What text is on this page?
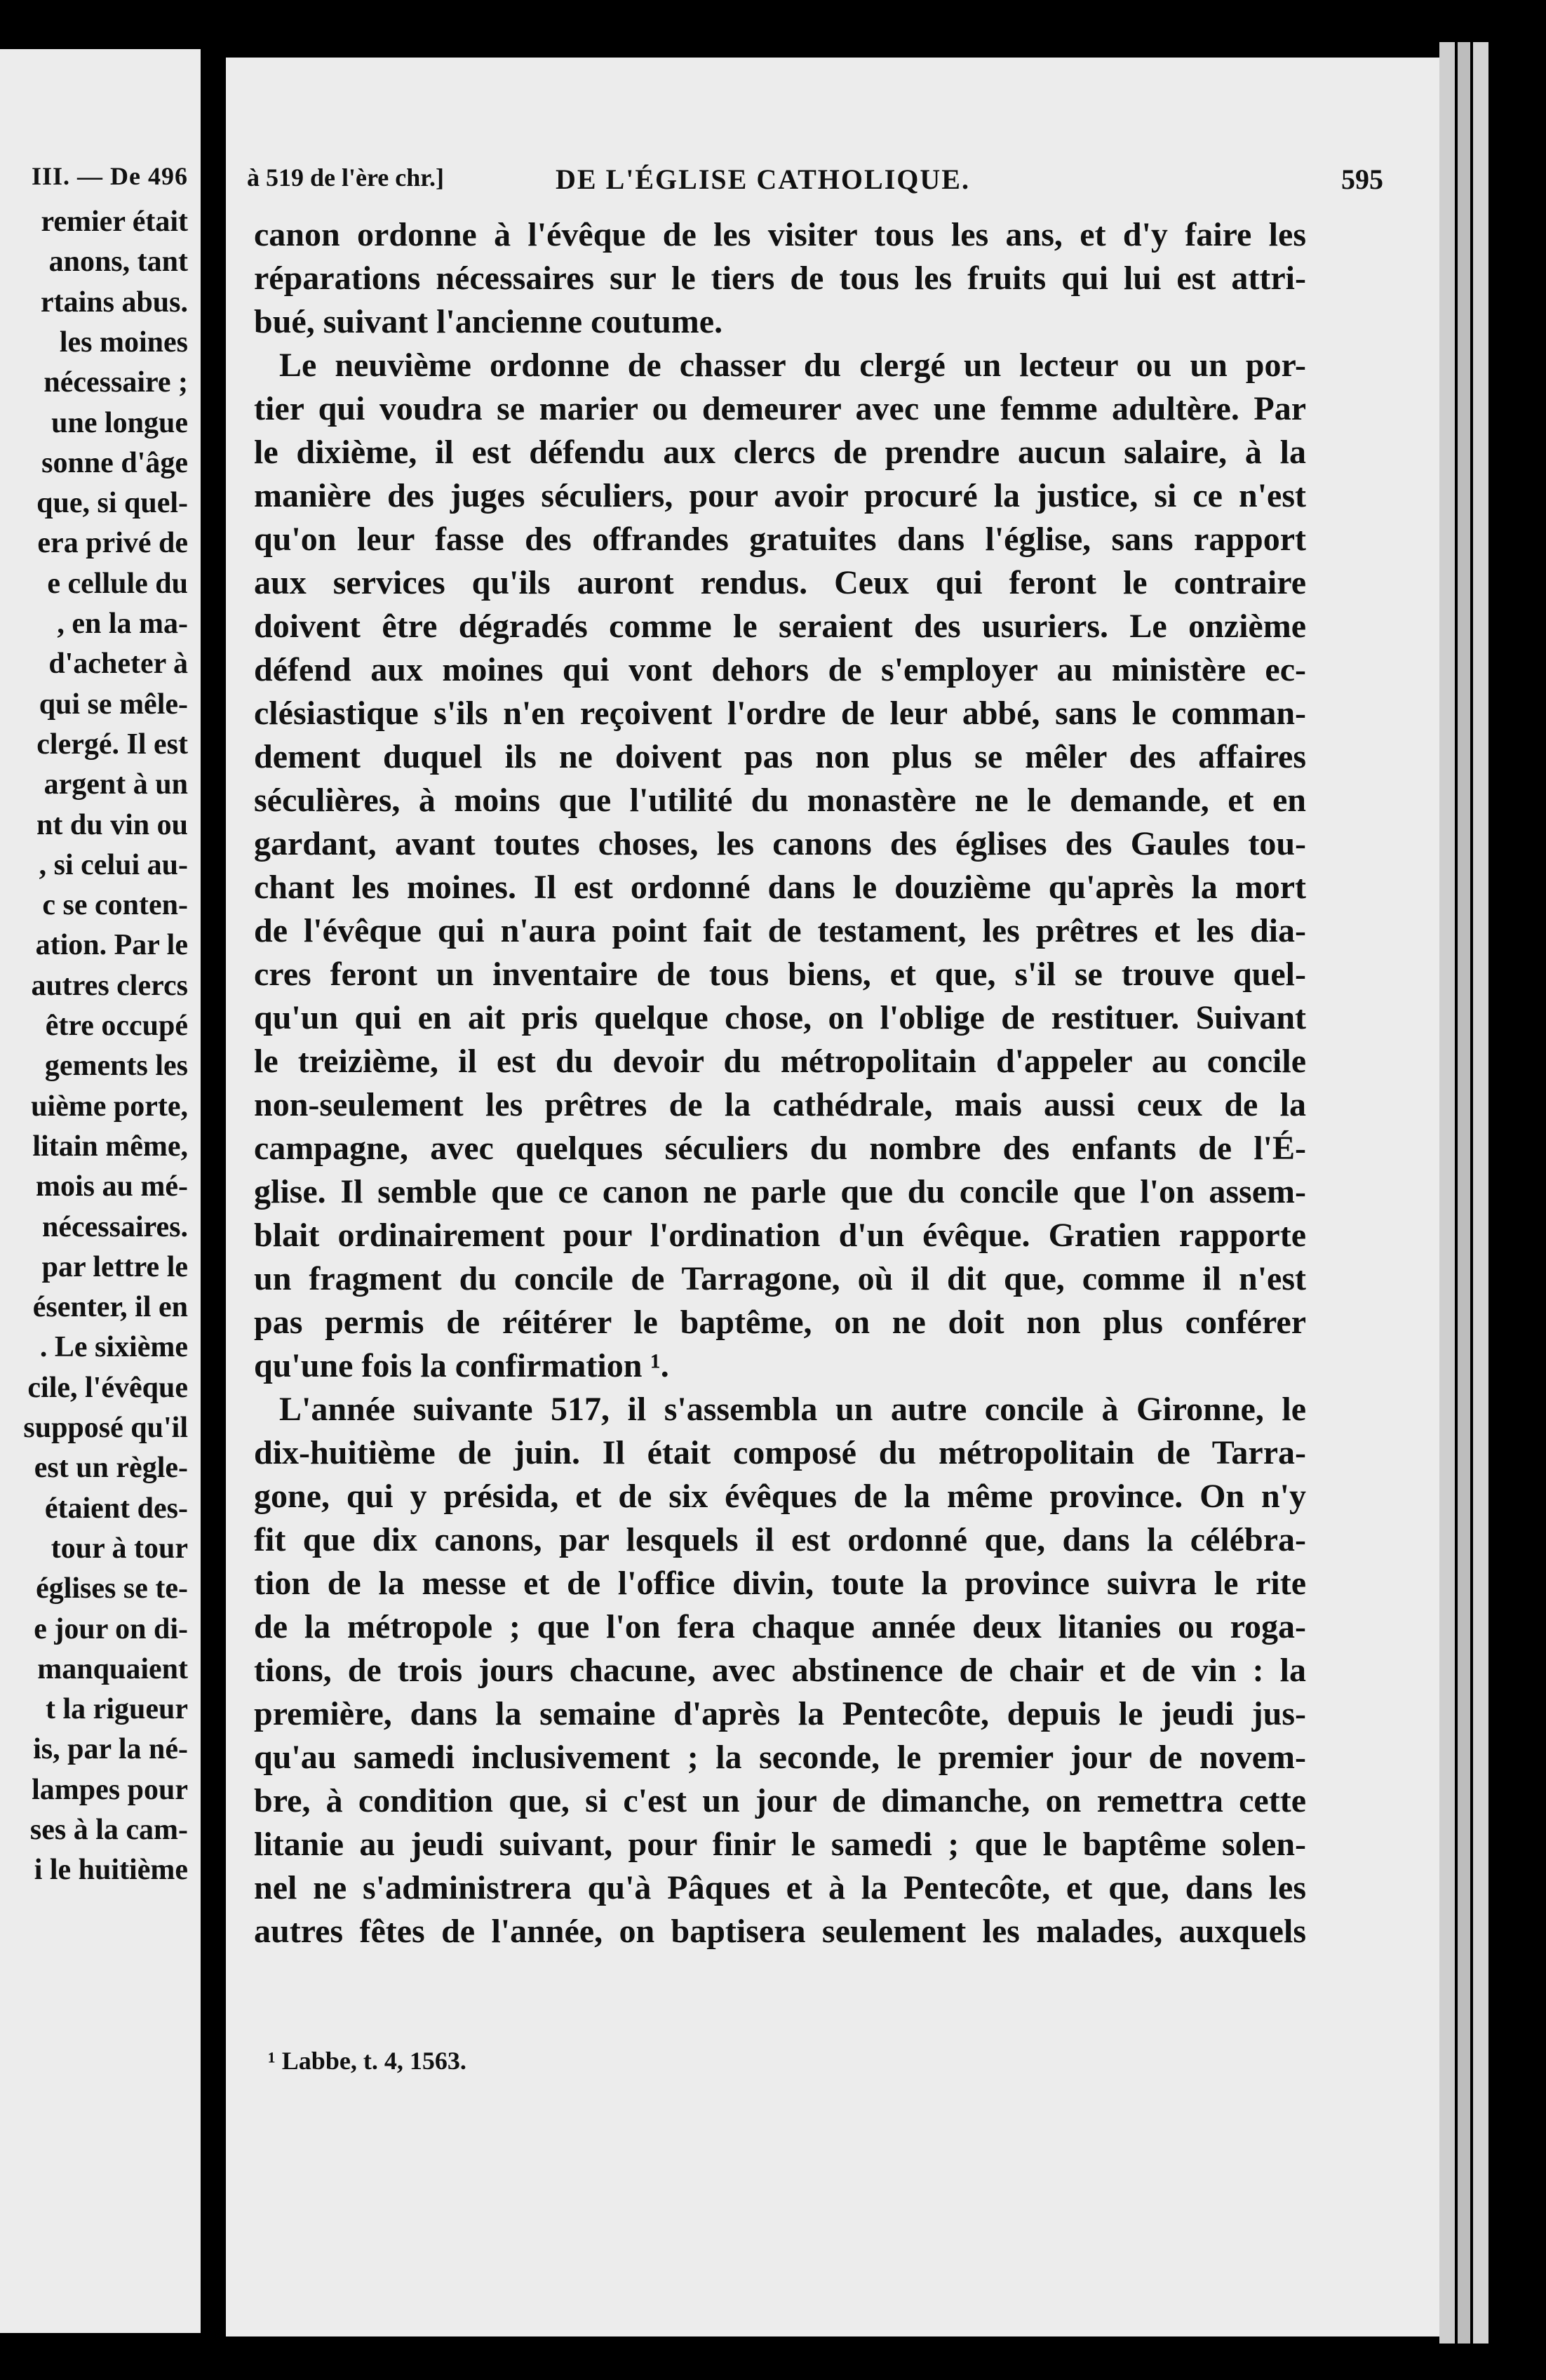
III. — De 496
remier était
anons, tant
rtains abus.
les moines
nécessaire ;
une longue
sonne d'âge
que, si quel-
era privé de
e cellule du
, en la ma-
d'acheter à
qui se mêle-
clergé. Il est
argent à un
nt du vin ou
, si celui au-
c se conten-
ation. Par le
autres clercs
être occupé
gements les
uième porte,
litain même,
mois au mé-
nécessaires.
par lettre le
ésenter, il en
. Le sixième
cile, l'évêque
supposé qu'il
est un règle-
étaient des-
tour à tour
églises se te-
e jour on di-
manquaient
t la rigueur
is, par la né-
lampes pour
ses à la cam-
i le huitième
à 519 de l'ère chr.]	DE L'ÉGLISE CATHOLIQUE.	595
canon ordonne à l'évêque de les visiter tous les ans, et d'y faire les
réparations nécessaires sur le tiers de tous les fruits qui lui est attri-
bué, suivant l'ancienne coutume.
Le neuvième ordonne de chasser du clergé un lecteur ou un por-
tier qui voudra se marier ou demeurer avec une femme adultère. Par
le dixième, il est défendu aux clercs de prendre aucun salaire, à la
manière des juges séculiers, pour avoir procuré la justice, si ce n'est
qu'on leur fasse des offrandes gratuites dans l'église, sans rapport
aux services qu'ils auront rendus. Ceux qui feront le contraire
doivent être dégradés comme le seraient des usuriers. Le onzième
défend aux moines qui vont dehors de s'employer au ministère ec-
clésiastique s'ils n'en reçoivent l'ordre de leur abbé, sans le comman-
dement duquel ils ne doivent pas non plus se mêler des affaires
séculières, à moins que l'utilité du monastère ne le demande, et en
gardant, avant toutes choses, les canons des églises des Gaules tou-
chant les moines. Il est ordonné dans le douzième qu'après la mort
de l'évêque qui n'aura point fait de testament, les prêtres et les dia-
cres feront un inventaire de tous biens, et que, s'il se trouve quel-
qu'un qui en ait pris quelque chose, on l'oblige de restituer. Suivant
le treizième, il est du devoir du métropolitain d'appeler au concile
non-seulement les prêtres de la cathédrale, mais aussi ceux de la
campagne, avec quelques séculiers du nombre des enfants de l'É-
glise. Il semble que ce canon ne parle que du concile que l'on assem-
blait ordinairement pour l'ordination d'un évêque. Gratien rapporte
un fragment du concile de Tarragone, où il dit que, comme il n'est
pas permis de réitérer le baptême, on ne doit non plus conférer
qu'une fois la confirmation ¹.
L'année suivante 517, il s'assembla un autre concile à Gironne, le
dix-huitième de juin. Il était composé du métropolitain de Tarra-
gone, qui y présida, et de six évêques de la même province. On n'y
fit que dix canons, par lesquels il est ordonné que, dans la célébra-
tion de la messe et de l'office divin, toute la province suivra le rite
de la métropole ; que l'on fera chaque année deux litanies ou roga-
tions, de trois jours chacune, avec abstinence de chair et de vin : la
première, dans la semaine d'après la Pentecôte, depuis le jeudi jus-
qu'au samedi inclusivement ; la seconde, le premier jour de novem-
bre, à condition que, si c'est un jour de dimanche, on remettra cette
litanie au jeudi suivant, pour finir le samedi ; que le baptême solen-
nel ne s'administrera qu'à Pâques et à la Pentecôte, et que, dans les
autres fêtes de l'année, on baptisera seulement les malades, auxquels
¹ Labbe, t. 4, 1563.
